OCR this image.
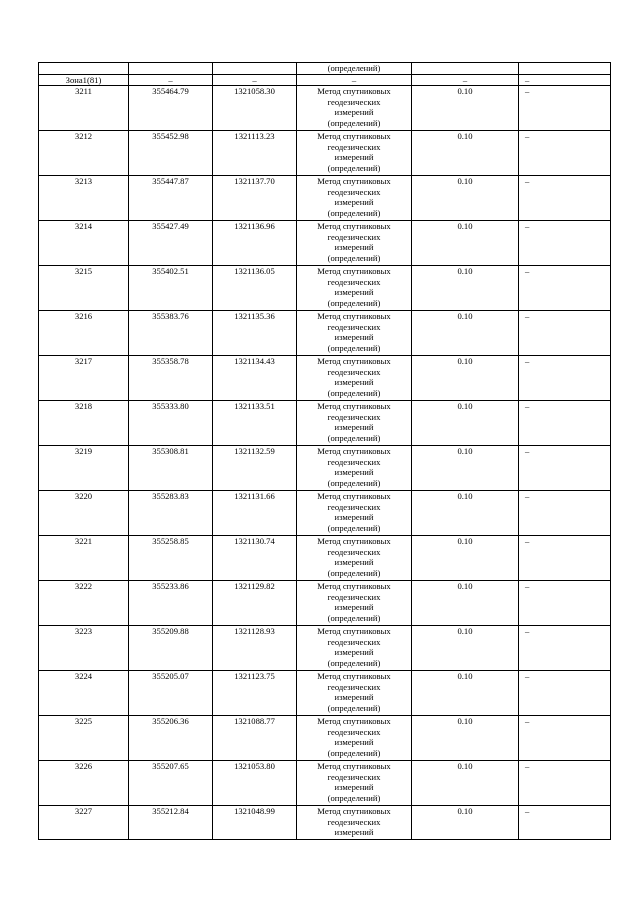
			(определений)		
Зона1(81)	–	–	–	–	–
3211	355464.79	1321058.30	Метод спутниковых
геодезических
измерений
(определений)	0.10	–
3212	355452.98	1321113.23	Метод спутниковых
геодезических
измерений
(определений)	0.10	–
3213	355447.87	1321137.70	Метод спутниковых
геодезических
измерений
(определений)	0.10	–
3214	355427.49	1321136.96	Метод спутниковых
геодезических
измерений
(определений)	0.10	–
3215	355402.51	1321136.05	Метод спутниковых
геодезических
измерений
(определений)	0.10	–
3216	355383.76	1321135.36	Метод спутниковых
геодезических
измерений
(определений)	0.10	–
3217	355358.78	1321134.43	Метод спутниковых
геодезических
измерений
(определений)	0.10	–
3218	355333.80	1321133.51	Метод спутниковых
геодезических
измерений
(определений)	0.10	–
3219	355308.81	1321132.59	Метод спутниковых
геодезических
измерений
(определений)	0.10	–
3220	355283.83	1321131.66	Метод спутниковых
геодезических
измерений
(определений)	0.10	–
3221	355258.85	1321130.74	Метод спутниковых
геодезических
измерений
(определений)	0.10	–
3222	355233.86	1321129.82	Метод спутниковых
геодезических
измерений
(определений)	0.10	–
3223	355209.88	1321128.93	Метод спутниковых
геодезических
измерений
(определений)	0.10	–
3224	355205.07	1321123.75	Метод спутниковых
геодезических
измерений
(определений)	0.10	–
3225	355206.36	1321088.77	Метод спутниковых
геодезических
измерений
(определений)	0.10	–
3226	355207.65	1321053.80	Метод спутниковых
геодезических
измерений
(определений)	0.10	–
3227	355212.84	1321048.99	Метод спутниковых
геодезических
измерений	0.10	–
